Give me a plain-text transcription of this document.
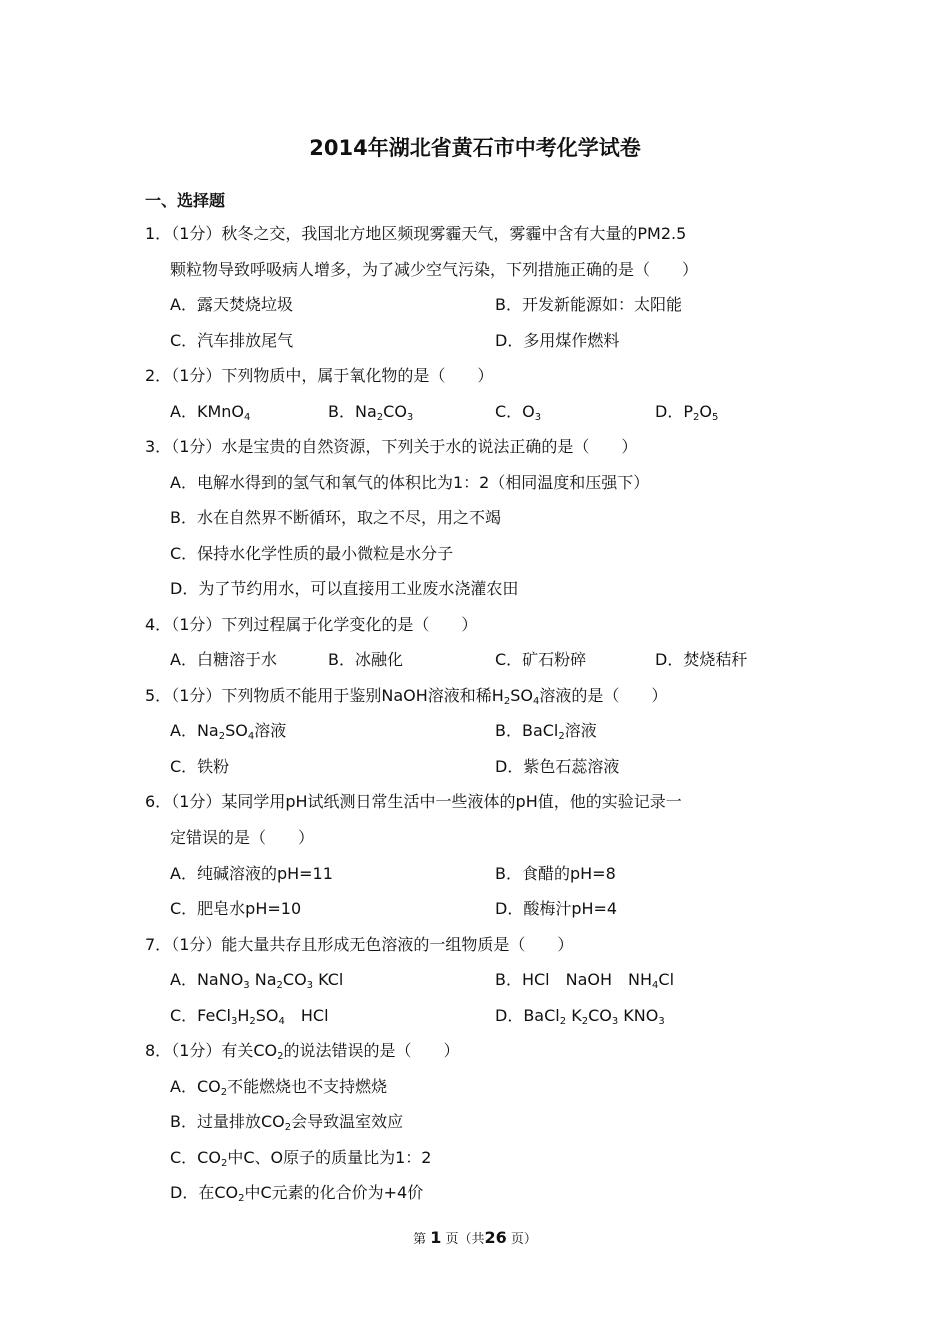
2014年湖北省黄石市中考化学试卷
一、选择题
1．（1分）秋冬之交，我国北方地区频现雾霾天气，雾霾中含有大量的PM2.5
颗粒物导致呼吸病人增多，为了减少空气污染，下列措施正确的是（　　）
A．露天焚烧垃圾	B．开发新能源如：太阳能
C．汽车排放尾气	D．多用煤作燃料
2．（1分）下列物质中，属于氧化物的是（　　）
A．KMnO$_4$	B．$Na_2CO_3$	C．$O_3$	D．$P_2O_5$
3．（1分）水是宝贵的自然资源，下列关于水的说法正确的是（　　）
A．电解水得到的氢气和氧气的体积比为1：2（相同温度和压强下）
B．水在自然界不断循环，取之不尽，用之不竭
C．保持水化学性质的最小微粒是水分子
D．为了节约用水，可以直接用工业废水浇灌农田
4．（1分）下列过程属于化学变化的是（　　）
A．白糖溶于水	B．冰融化	C．矿石粉碎	D．焚烧秸秆
5．（1分）下列物质不能用于鉴别NaOH溶液和稀$H_2SO_4$溶液的是（　　）
A．$Na_2SO_4$溶液	B．BaCl$_2$溶液
C．铁粉	D．紫色石蕊溶液
6．（1分）某同学用pH试纸测日常生活中一些液体的pH值，他的实验记录一
定错误的是（　　）
A．纯碱溶液的pH=11	B．食醋的pH=8
C．肥皂水pH=10	D．酸梅汁pH=4
7．（1分）能大量共存且形成无色溶液的一组物质是（　　）
A．NaNO$_3$ $Na_2CO_3$ KCl	B．HCl　NaOH　$NH_4Cl$
C．$FeCl_3H_2SO_4$　HCl	D．BaCl$_2$ $K_2CO_3$ $KNO_3$
8．（1分）有关$CO_2$的说法错误的是（　　）
A．$CO_2$不能燃烧也不支持燃烧
B．过量排放$CO_2$会导致温室效应
C．$CO_2$中C、O原子的质量比为1：2
D．在$CO_2$中C元素的化合价为+4价
第 1 页（共26 页）
